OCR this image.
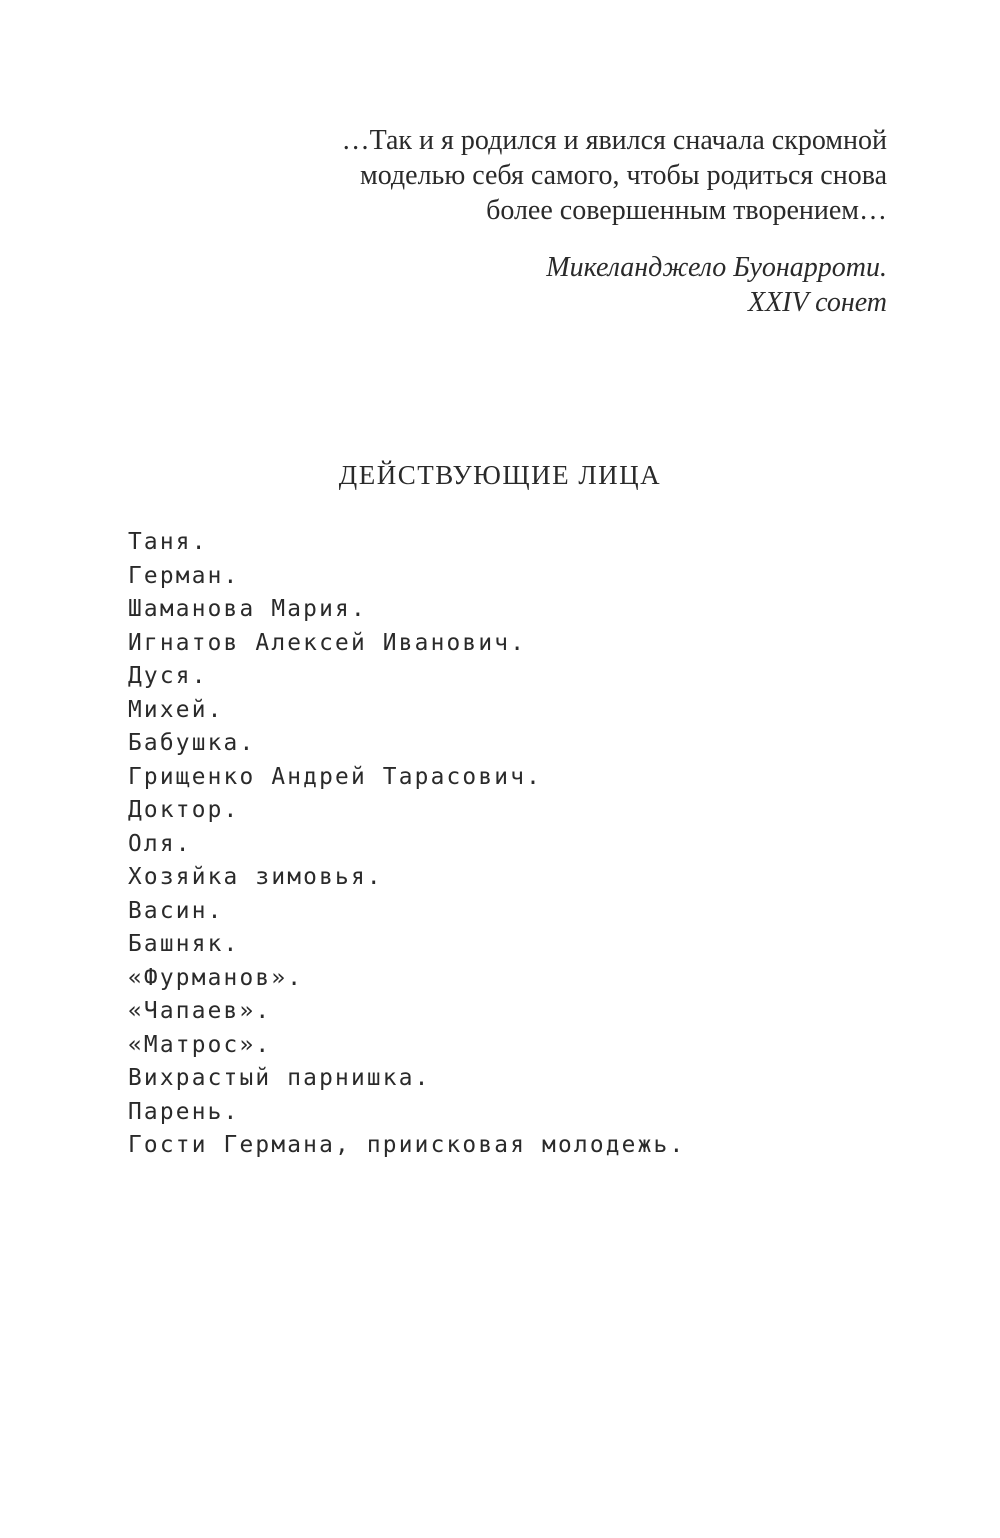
…Так и я родился и явился сначала скромной
моделью себя самого, чтобы родиться снова
более совершенным творением…
Микеланджело Буонарроти.
XXIV сонет
ДЕЙСТВУЮЩИЕ ЛИЦА
Таня.
Герман.
Шаманова Мария.
Игнатов Алексей Иванович.
Дуся.
Михей.
Бабушка.
Грищенко Андрей Тарасович.
Доктор.
Оля.
Хозяйка зимовья.
Васин.
Башняк.
«Фурманов».
«Чапаев».
«Матрос».
Вихрастый парнишка.
Парень.
Гости Германа, приисковая молодежь.
